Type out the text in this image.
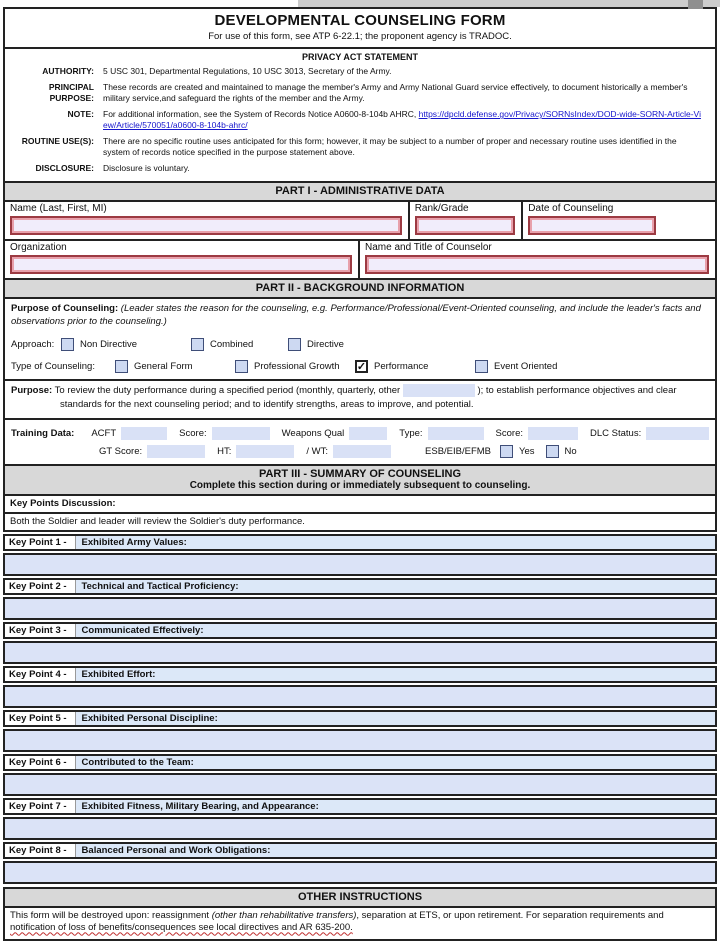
DEVELOPMENTAL COUNSELING FORM
For use of this form, see ATP 6-22.1; the proponent agency is TRADOC.
PRIVACY ACT STATEMENT
AUTHORITY:	5 USC 301, Departmental Regulations, 10 USC 3013, Secretary of the Army.
PRINCIPAL PURPOSE:
These records are created and maintained to manage the member's Army and Army National Guard service effectively, to document historically a member's military service,and safeguard the rights of the member and the Army.
NOTE:	For additional information, see the System of Records Notice A0600-8-104b AHRC, https://dpcld.defense.gov/Privacy/SORNsIndex/DOD-wide-SORN-Article-View/Article/570051/a0600-8-104b-ahrc/
ROUTINE USE(S):	There are no specific routine uses anticipated for this form; however, it may be subject to a number of proper and necessary routine uses identified in the system of records notice specified in the purpose statement above.
DISCLOSURE:	Disclosure is voluntary.
PART I - ADMINISTRATIVE DATA
Name (Last, First, MI)	Rank/Grade	Date of Counseling
Organization	Name and Title of Counselor
PART II - BACKGROUND INFORMATION
Purpose of Counseling: (Leader states the reason for the counseling, e.g. Performance/Professional/Event-Oriented counseling, and include the leader's facts and observations prior to the counseling.)
Approach:	Non Directive	Combined	Directive
Type of Counseling:	General Form	Professional Growth ✓ Performance	Event Oriented
Purpose: To review the duty performance during a specified period (monthly, quarterly, other	); to establish performance objectives and clear standards for the next counseling period; and to identify strengths, areas to improve, and potential.
Training Data: ACFT	Score:	Weapons Qual	Type:	Score:	DLC Status:
GT Score:	HT:	/ WT:	ESB/EIB/EFMB	Yes	No
PART III - SUMMARY OF COUNSELING
Complete this section during or immediately subsequent to counseling.
Key Points Discussion:
Both the Soldier and leader will review the Soldier's duty performance.
Key Point 1 -	Exhibited Army Values:
Key Point 2 -	Technical and Tactical Proficiency:
Key Point 3 -	Communicated Effectively:
Key Point 4 -	Exhibited Effort:
Key Point 5 -	Exhibited Personal Discipline:
Key Point 6 -	Contributed to the Team:
Key Point 7 -	Exhibited Fitness, Military Bearing, and Appearance:
Key Point 8 -	Balanced Personal and Work Obligations:
OTHER INSTRUCTIONS
This form will be destroyed upon: reassignment (other than rehabilitative transfers), separation at ETS, or upon retirement. For separation requirements and notification of loss of benefits/consequences see local directives and AR 635-200.
